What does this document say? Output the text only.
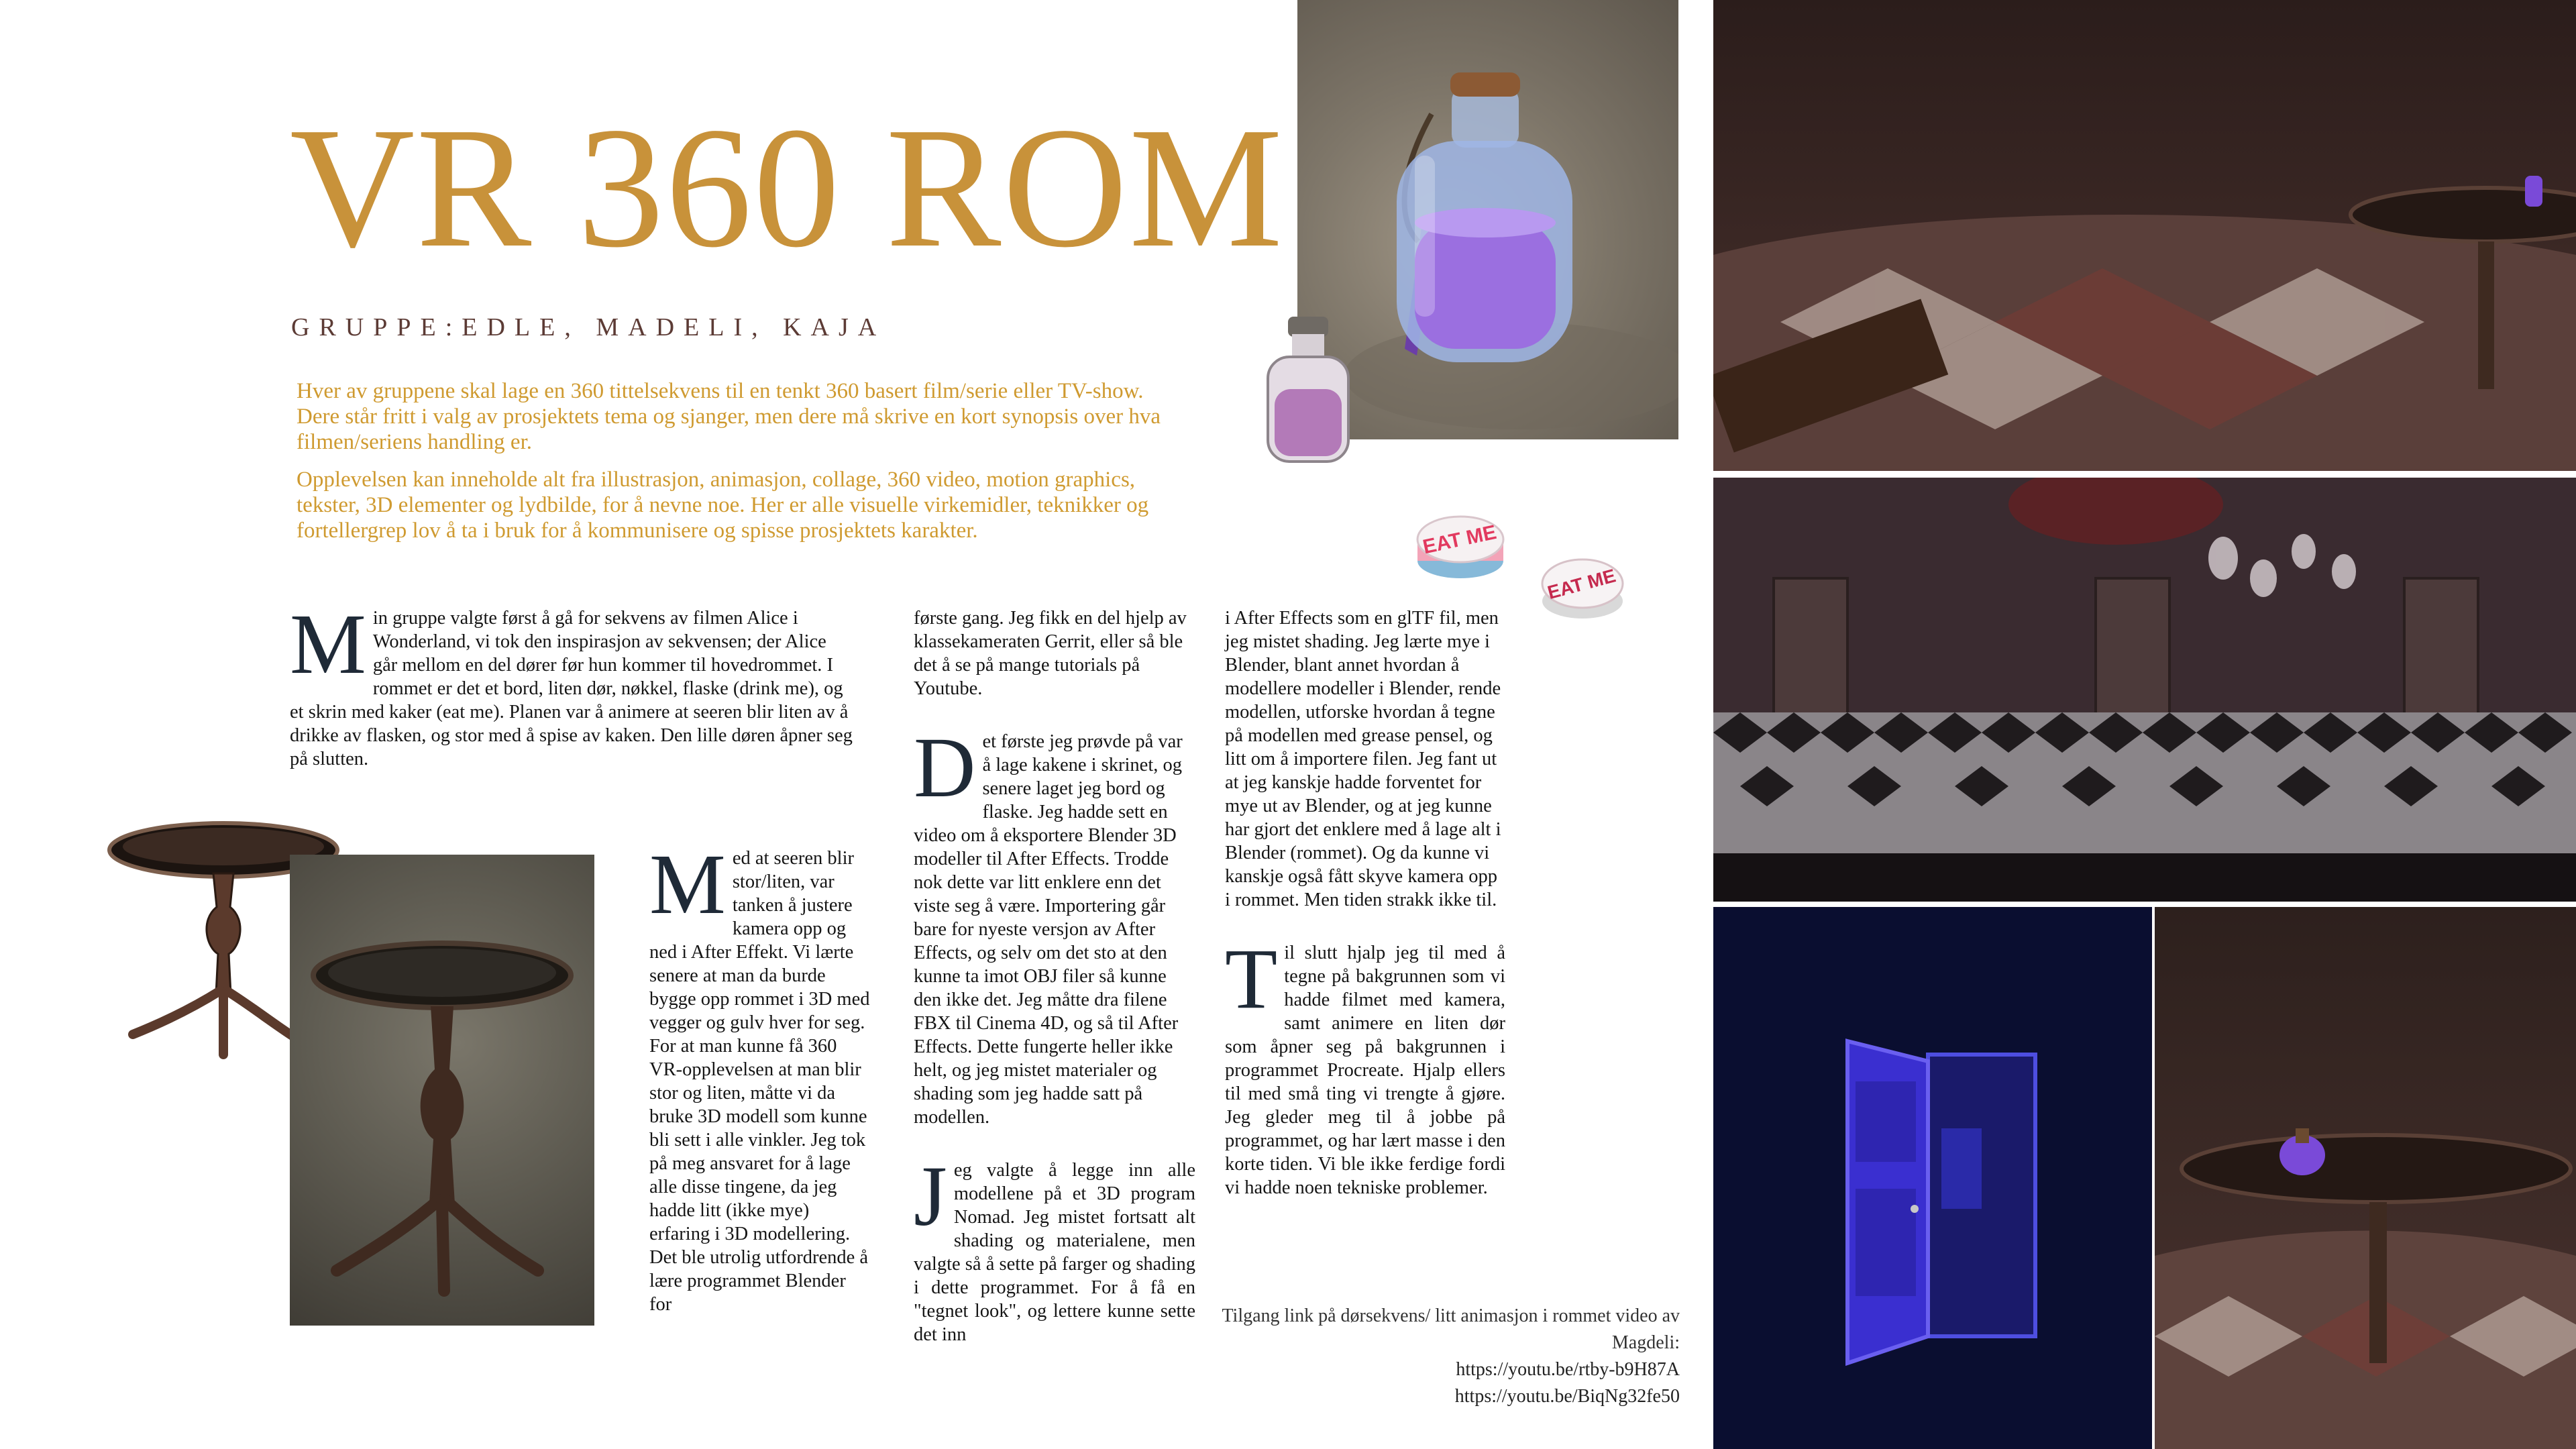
VR 360 ROM
GRUPPE:EDLE, MADELI, KAJA

Hver av gruppene skal lage en 360 tittelsekvens til en tenkt 360 basert film/serie eller TV-show. Dere står fritt i valg av prosjektets tema og sjanger, men dere må skrive en kort synopsis over hva filmen/seriens handling er.

Opplevelsen kan inneholde alt fra illustrasjon, animasjon, collage, 360 video, motion graphics, tekster, 3D elementer og lydbilde, for å nevne noe. Her er alle visuelle virkemidler, teknikker og fortellergrep lov å ta i bruk for å kommunisere og spisse prosjektets karakter.

Min gruppe valgte først å gå for sekvens av filmen Alice i Wonderland, vi tok den inspirasjon av sekvensen; der Alice går mellom en del dører før hun kommer til hovedrommet. I rommet er det et bord, liten dør, nøkkel, flaske (drink me), og et skrin med kaker (eat me). Planen var å animere at seeren blir liten av å drikke av flasken, og stor med å spise av kaken. Den lille døren åpner seg på slutten.

Med at seeren blir stor/liten, var tanken å justere kamera opp og ned i After Effekt. Vi lærte senere at man da burde bygge opp rommet i 3D med vegger og gulv hver for seg. For at man kunne få 360 VR-opplevelsen at man blir stor og liten, måtte vi da bruke 3D modell som kunne bli sett i alle vinkler. Jeg tok på meg ansvaret for å lage alle disse tingene, da jeg hadde litt (ikke mye) erfaring i 3D modellering. Det ble utrolig utfordrende å lære programmet Blender for

første gang. Jeg fikk en del hjelp av klassekameraten Gerrit, eller så ble det å se på mange tutorials på Youtube.

Det første jeg prøvde på var å lage kakene i skrinet, og senere laget jeg bord og flaske. Jeg hadde sett en video om å eksportere Blender 3D modeller til After Effects. Trodde nok dette var litt enklere enn det viste seg å være. Importering går bare for nyeste versjon av After Effects, og selv om det sto at den kunne ta imot OBJ filer så kunne den ikke det. Jeg måtte dra filene FBX til Cinema 4D, og så til After Effects. Dette fungerte heller ikke helt, og jeg mistet materialer og shading som jeg hadde satt på modellen.

Jeg valgte å legge inn alle modellene på et 3D program Nomad. Jeg mistet fortsatt alt shading og materialene, men valgte så å sette på farger og shading i dette programmet. For å få en "tegnet look", og lettere kunne sette det inn

i After Effects som en glTF fil, men jeg mistet shading. Jeg lærte mye i Blender, blant annet hvordan å modellere modeller i Blender, rende modellen, utforske hvordan å tegne på modellen med grease pensel, og litt om å importere filen. Jeg fant ut at jeg kanskje hadde forventet for mye ut av Blender, og at jeg kunne har gjort det enklere med å lage alt i Blender (rommet). Og da kunne vi kanskje også fått skyve kamera opp i rommet. Men tiden strakk ikke til.

Til slutt hjalp jeg til med å tegne på bakgrunnen som vi hadde filmet med kamera, samt animere en liten dør som åpner seg på bakgrunnen i programmet Procreate. Hjalp ellers til med små ting vi trengte å gjøre. Jeg gleder meg til å jobbe på programmet, og har lært masse i den korte tiden. Vi ble ikke ferdige fordi vi hadde noen tekniske problemer.

Tilgang link på dørsekvens/ litt animasjon i rommet video av Magdeli:
https://youtu.be/rtby-b9H87A
https://youtu.be/BiqNg32fe50
EAT ME
EAT ME
